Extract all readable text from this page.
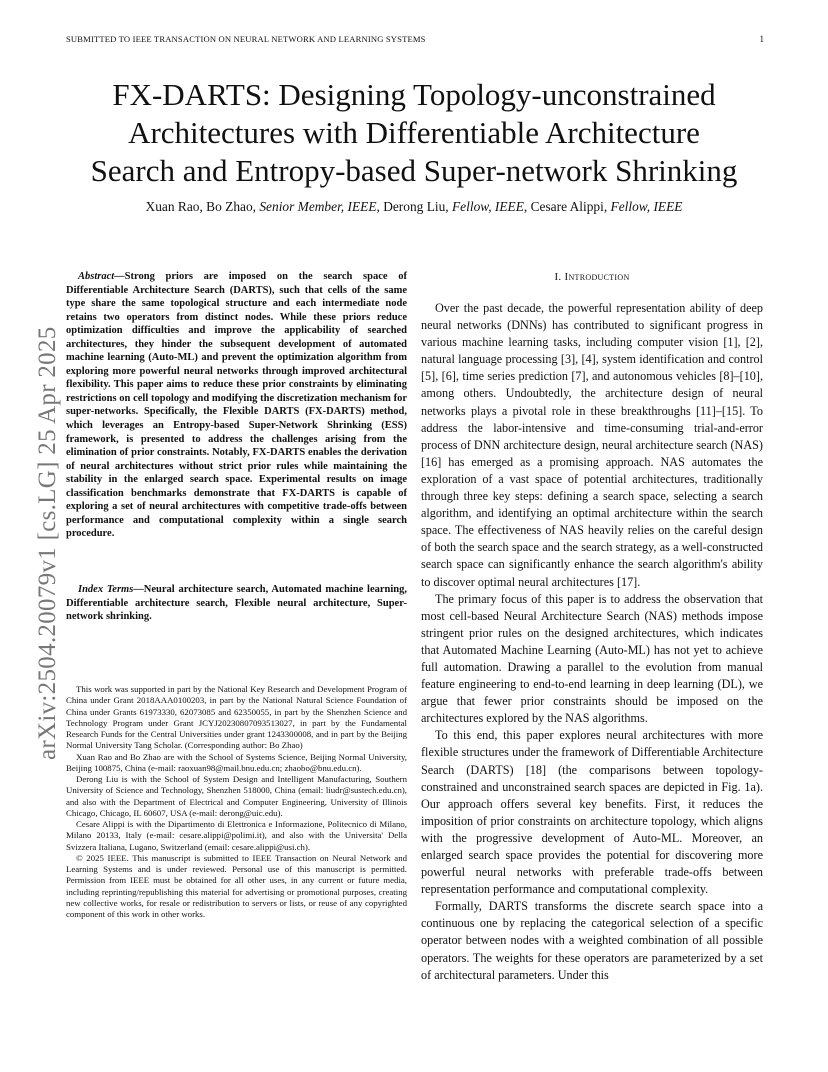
SUBMITTED TO IEEE TRANSACTION ON NEURAL NETWORK AND LEARNING SYSTEMS	1
FX-DARTS: Designing Topology-unconstrained
Architectures with Differentiable Architecture
Search and Entropy-based Super-network Shrinking
Xuan Rao, Bo Zhao, Senior Member, IEEE, Derong Liu, Fellow, IEEE, Cesare Alippi, Fellow, IEEE
arXiv:2504.20079v1 [cs.LG] 25 Apr 2025

Abstract—Strong priors are imposed on the search space of Differentiable Architecture Search (DARTS), such that cells of the same type share the same topological structure and each intermediate node retains two operators from distinct nodes. While these priors reduce optimization difficulties and improve the applicability of searched architectures, they hinder the subsequent development of automated machine learning (Auto-ML) and prevent the optimization algorithm from exploring more powerful neural networks through improved architectural flexibility. This paper aims to reduce these prior constraints by eliminating restrictions on cell topology and modifying the discretization mechanism for super-networks. Specifically, the Flexible DARTS (FX-DARTS) method, which leverages an Entropy-based Super-Network Shrinking (ESS) framework, is presented to address the challenges arising from the elimination of prior constraints. Notably, FX-DARTS enables the derivation of neural architectures without strict prior rules while maintaining the stability in the enlarged search space. Experimental results on image classification benchmarks demonstrate that FX-DARTS is capable of exploring a set of neural architectures with competitive trade-offs between performance and computational complexity within a single search procedure.

Index Terms—Neural architecture search, Automated machine learning, Differentiable architecture search, Flexible neural architecture, Super-network shrinking.

This work was supported in part by the National Key Research and Development Program of China under Grant 2018AAA0100203, in part by the National Natural Science Foundation of China under Grants 61973330, 62073085 and 62350055, in part by the Shenzhen Science and Technology Program under Grant JCYJ20230807093513027, in part by the Fundamental Research Funds for the Central Universities under grant 1243300008, and in part by the Beijing Normal University Tang Scholar. (Corresponding author: Bo Zhao)

Xuan Rao and Bo Zhao are with the School of Systems Science, Beijing Normal University, Beijing 100875, China (e-mail: raoxuan98@mail.bnu.edu.cn; zhaobo@bnu.edu.cn).

Derong Liu is with the School of System Design and Intelligent Manufacturing, Southern University of Science and Technology, Shenzhen 518000, China (email: liudr@sustech.edu.cn), and also with the Department of Electrical and Computer Engineering, University of Illinois Chicago, Chicago, IL 60607, USA (e-mail: derong@uic.edu).

Cesare Alippi is with the Dipartimento di Elettronica e Informazione, Politecnico di Milano, Milano 20133, Italy (e-mail: cesare.alippi@polimi.it), and also with the Universita' Della Svizzera Italiana, Lugano, Switzerland (email: cesare.alippi@usi.ch).

© 2025 IEEE. This manuscript is submitted to IEEE Transaction on Neural Network and Learning Systems and is under reviewed. Personal use of this manuscript is permitted. Permission from IEEE must be obtained for all other uses, in any current or future media, including reprinting/republishing this material for advertising or promotional purposes, creating new collective works, for resale or redistribution to servers or lists, or reuse of any copyrighted component of this work in other works.

I. Introduction

Over the past decade, the powerful representation ability of deep neural networks (DNNs) has contributed to significant progress in various machine learning tasks, including computer vision [1], [2], natural language processing [3], [4], system identification and control [5], [6], time series prediction [7], and autonomous vehicles [8]–[10], among others. Undoubtedly, the architecture design of neural networks plays a pivotal role in these breakthroughs [11]–[15]. To address the labor-intensive and time-consuming trial-and-error process of DNN architecture design, neural architecture search (NAS) [16] has emerged as a promising approach. NAS automates the exploration of a vast space of potential architectures, traditionally through three key steps: defining a search space, selecting a search algorithm, and identifying an optimal architecture within the search space. The effectiveness of NAS heavily relies on the careful design of both the search space and the search strategy, as a well-constructed search space can significantly enhance the search algorithm's ability to discover optimal neural architectures [17].

The primary focus of this paper is to address the observation that most cell-based Neural Architecture Search (NAS) methods impose stringent prior rules on the designed architectures, which indicates that Automated Machine Learning (Auto-ML) has not yet to achieve full automation. Drawing a parallel to the evolution from manual feature engineering to end-to-end learning in deep learning (DL), we argue that fewer prior constraints should be imposed on the architectures explored by the NAS algorithms.

To this end, this paper explores neural architectures with more flexible structures under the framework of Differentiable Architecture Search (DARTS) [18] (the comparisons between topology-constrained and unconstrained search spaces are depicted in Fig. 1a). Our approach offers several key benefits. First, it reduces the imposition of prior constraints on architecture topology, which aligns with the progressive development of Auto-ML. Moreover, an enlarged search space provides the potential for discovering more powerful neural networks with preferable trade-offs between representation performance and computational complexity.

Formally, DARTS transforms the discrete search space into a continuous one by replacing the categorical selection of a specific operator between nodes with a weighted combination of all possible operators. The weights for these operators are parameterized by a set of architectural parameters. Under this
